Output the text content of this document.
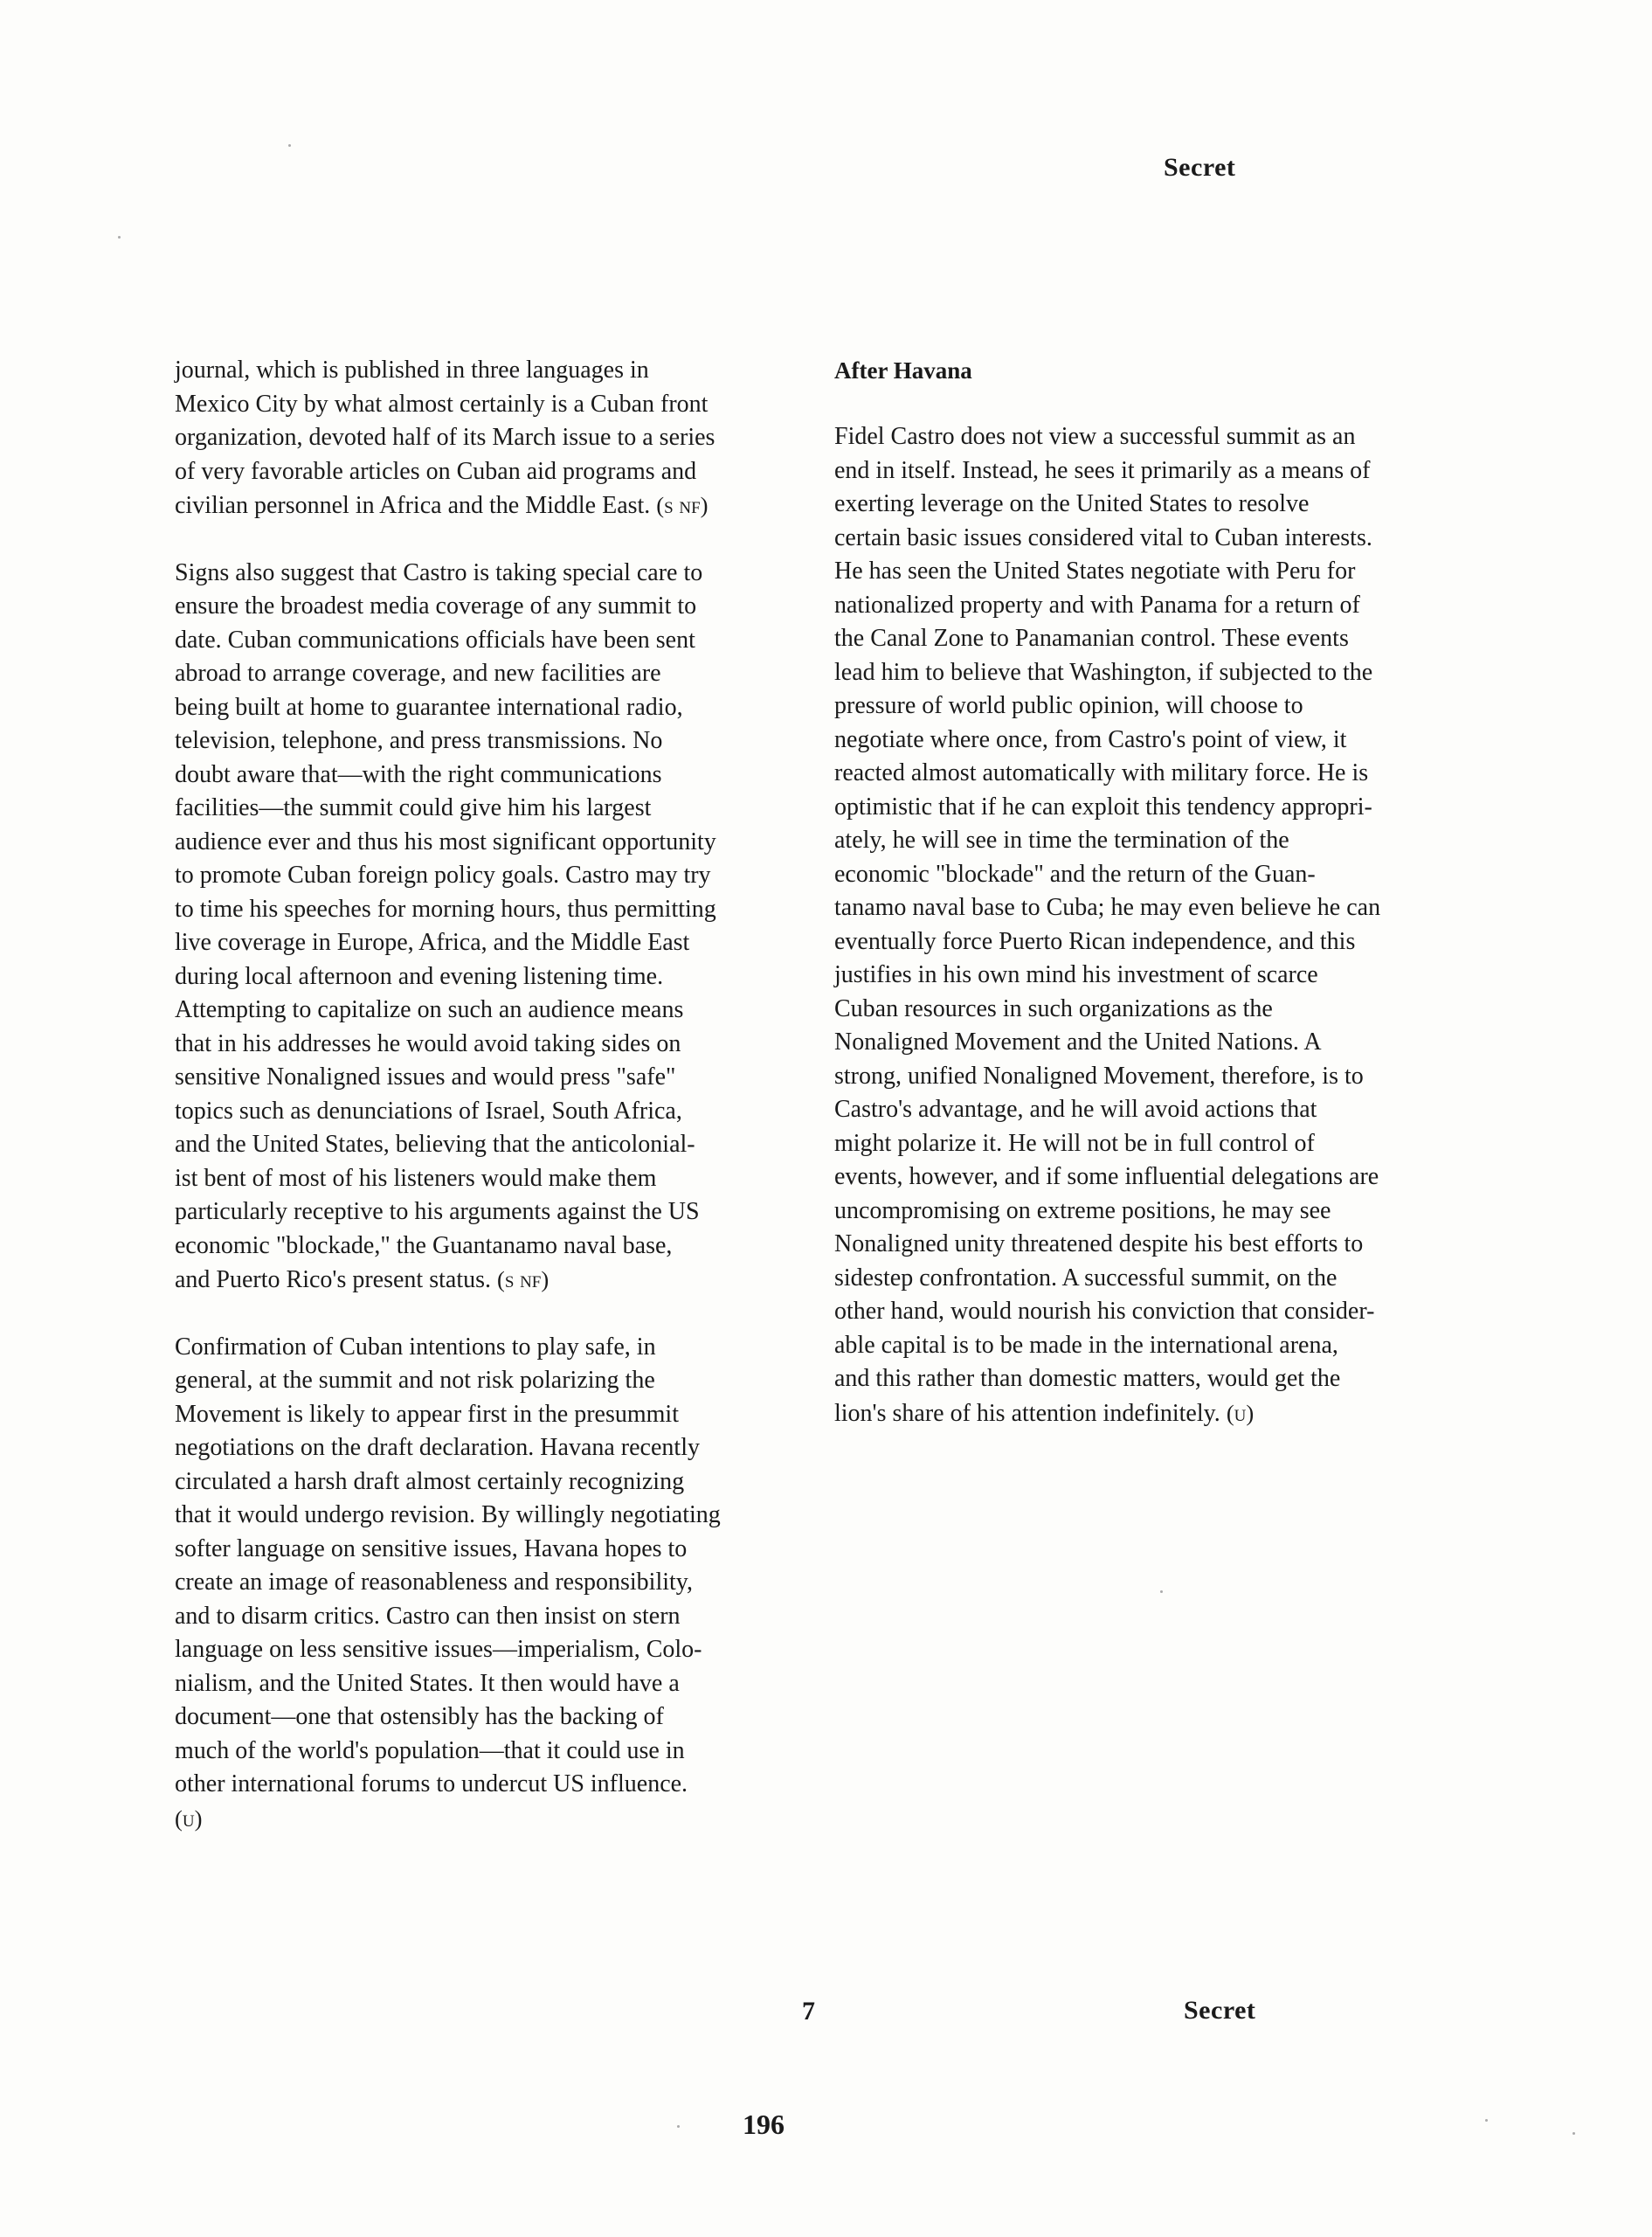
Secret

journal, which is published in three languages in
Mexico City by what almost certainly is a Cuban front
organization, devoted half of its March issue to a series
of very favorable articles on Cuban aid programs and
civilian personnel in Africa and the Middle East. (s nf)

Signs also suggest that Castro is taking special care to
ensure the broadest media coverage of any summit to
date. Cuban communications officials have been sent
abroad to arrange coverage, and new facilities are
being built at home to guarantee international radio,
television, telephone, and press transmissions. No
doubt aware that—with the right communications
facilities—the summit could give him his largest
audience ever and thus his most significant opportunity
to promote Cuban foreign policy goals. Castro may try
to time his speeches for morning hours, thus permitting
live coverage in Europe, Africa, and the Middle East
during local afternoon and evening listening time.
Attempting to capitalize on such an audience means
that in his addresses he would avoid taking sides on
sensitive Nonaligned issues and would press "safe"
topics such as denunciations of Israel, South Africa,
and the United States, believing that the anticolonial-
ist bent of most of his listeners would make them
particularly receptive to his arguments against the US
economic "blockade," the Guantanamo naval base,
and Puerto Rico's present status. (s nf)

Confirmation of Cuban intentions to play safe, in
general, at the summit and not risk polarizing the
Movement is likely to appear first in the presummit
negotiations on the draft declaration. Havana recently
circulated a harsh draft almost certainly recognizing
that it would undergo revision. By willingly negotiating
softer language on sensitive issues, Havana hopes to
create an image of reasonableness and responsibility,
and to disarm critics. Castro can then insist on stern
language on less sensitive issues—imperialism, Colo-
nialism, and the United States. It then would have a
document—one that ostensibly has the backing of
much of the world's population—that it could use in
other international forums to undercut US influence.
(u)

After Havana

Fidel Castro does not view a successful summit as an
end in itself. Instead, he sees it primarily as a means of
exerting leverage on the United States to resolve
certain basic issues considered vital to Cuban interests.
He has seen the United States negotiate with Peru for
nationalized property and with Panama for a return of
the Canal Zone to Panamanian control. These events
lead him to believe that Washington, if subjected to the
pressure of world public opinion, will choose to
negotiate where once, from Castro's point of view, it
reacted almost automatically with military force. He is
optimistic that if he can exploit this tendency appropri-
ately, he will see in time the termination of the
economic "blockade" and the return of the Guan-
tanamo naval base to Cuba; he may even believe he can
eventually force Puerto Rican independence, and this
justifies in his own mind his investment of scarce
Cuban resources in such organizations as the
Nonaligned Movement and the United Nations. A
strong, unified Nonaligned Movement, therefore, is to
Castro's advantage, and he will avoid actions that
might polarize it. He will not be in full control of
events, however, and if some influential delegations are
uncompromising on extreme positions, he may see
Nonaligned unity threatened despite his best efforts to
sidestep confrontation. A successful summit, on the
other hand, would nourish his conviction that consider-
able capital is to be made in the international arena,
and this rather than domestic matters, would get the
lion's share of his attention indefinitely. (u)

7	Secret
196
